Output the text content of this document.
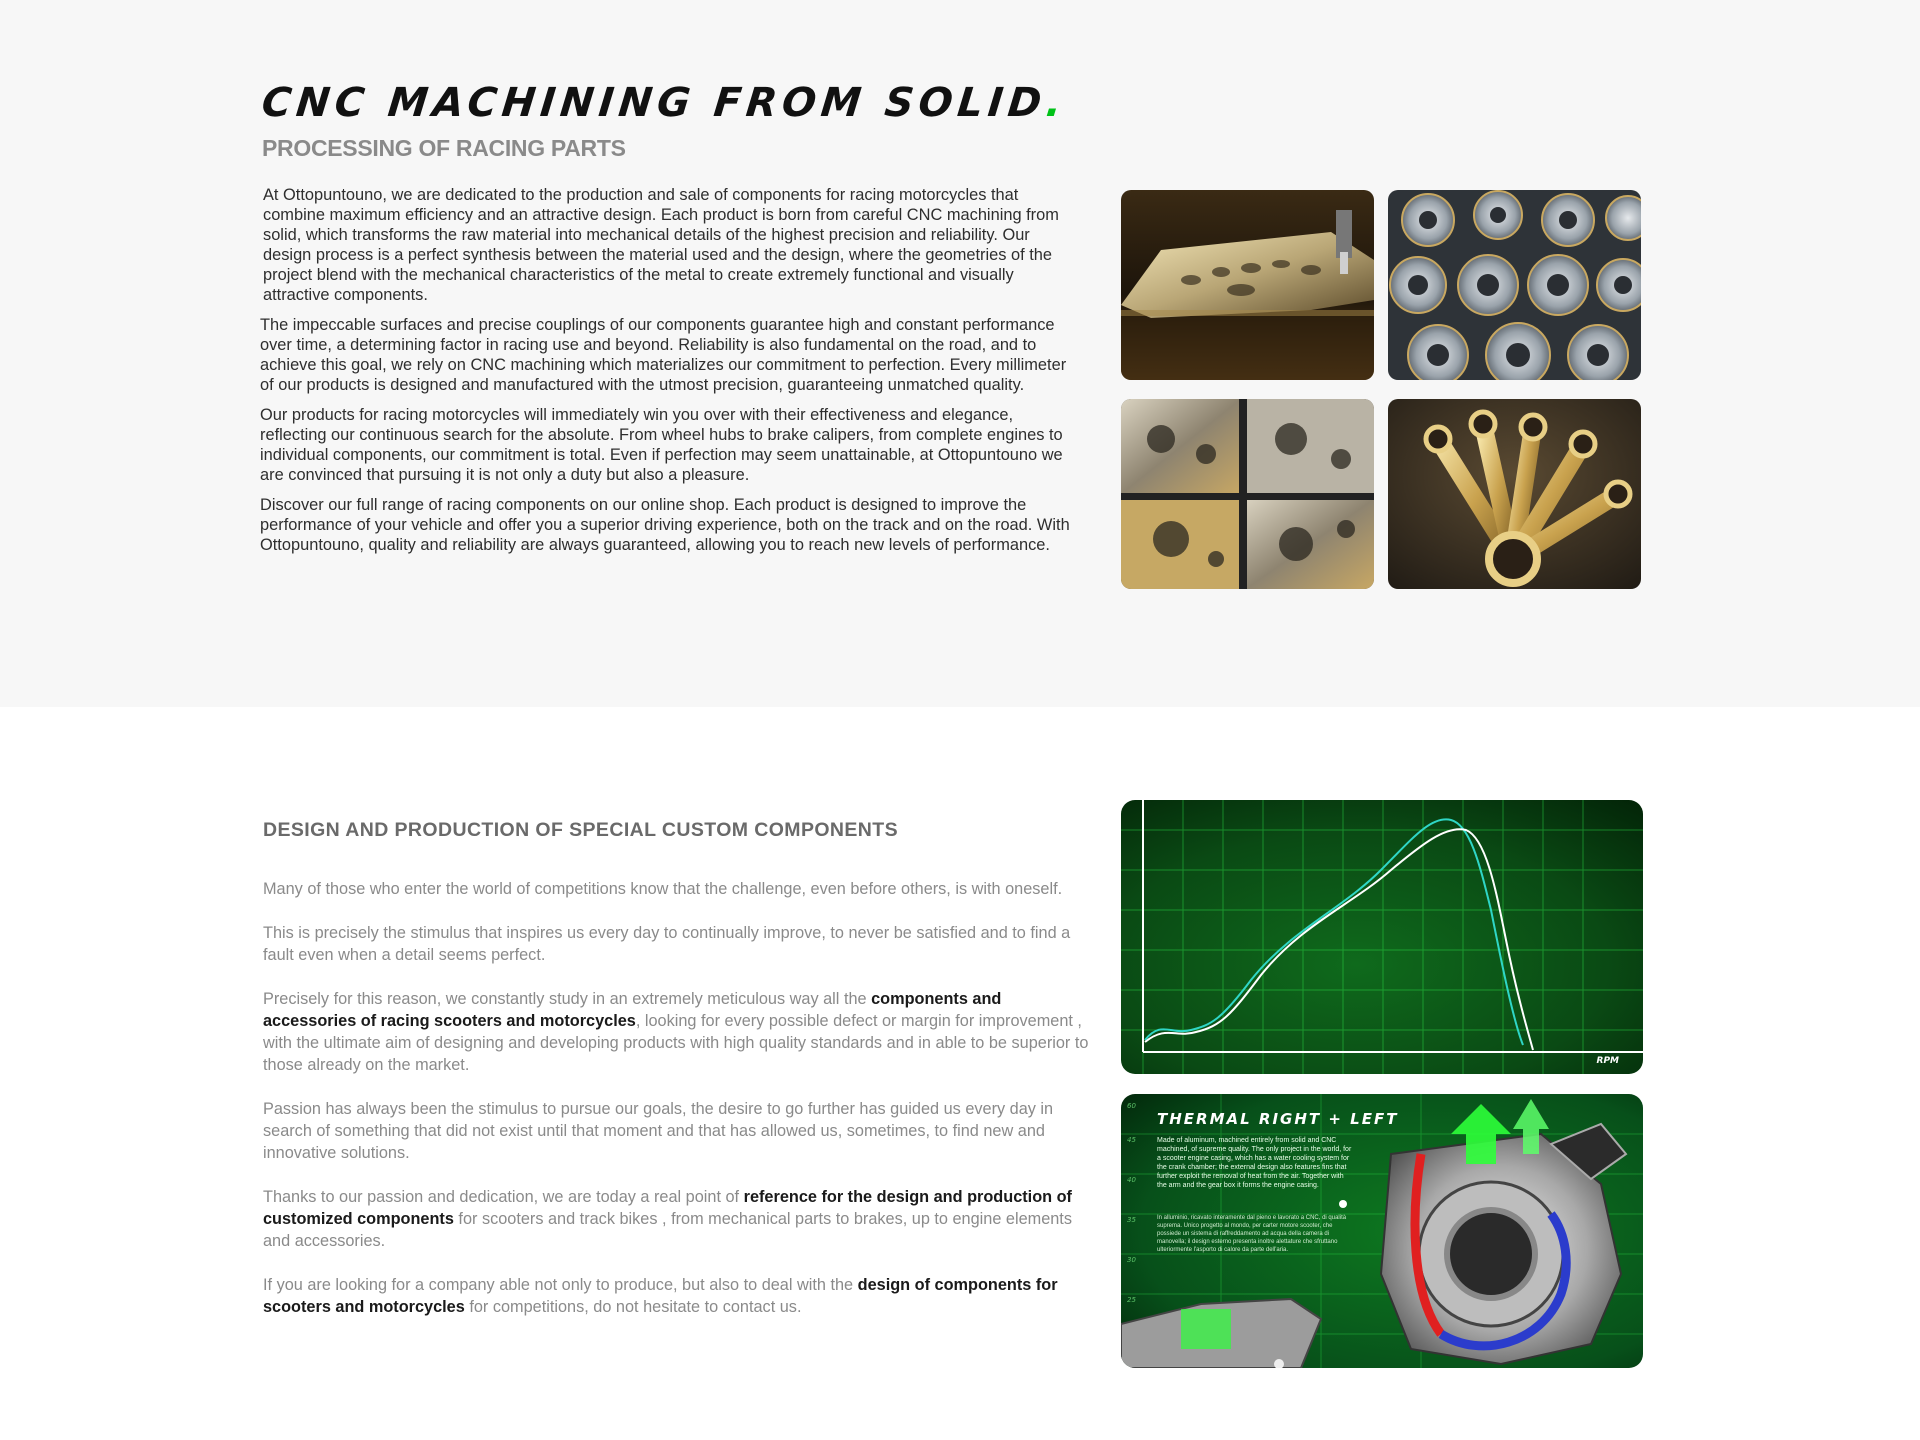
CNC MACHINING FROM SOLID.
PROCESSING OF RACING PARTS

At Ottopuntouno, we are dedicated to the production and sale of components for racing motorcycles that combine maximum efficiency and an attractive design. Each product is born from careful CNC machining from solid, which transforms the raw material into mechanical details of the highest precision and reliability. Our design process is a perfect synthesis between the material used and the design, where the geometries of the project blend with the mechanical characteristics of the metal to create extremely functional and visually attractive components.

The impeccable surfaces and precise couplings of our components guarantee high and constant performance over time, a determining factor in racing use and beyond. Reliability is also fundamental on the road, and to achieve this goal, we rely on CNC machining which materializes our commitment to perfection. Every millimeter of our products is designed and manufactured with the utmost precision, guaranteeing unmatched quality.

Our products for racing motorcycles will immediately win you over with their effectiveness and elegance, reflecting our continuous search for the absolute. From wheel hubs to brake calipers, from complete engines to individual components, our commitment is total. Even if perfection may seem unattainable, at Ottopuntouno we are convinced that pursuing it is not only a duty but also a pleasure.

Discover our full range of racing components on our online shop. Each product is designed to improve the performance of your vehicle and offer you a superior driving experience, both on the track and on the road. With Ottopuntouno, quality and reliability are always guaranteed, allowing you to reach new levels of performance.

DESIGN AND PRODUCTION OF SPECIAL CUSTOM COMPONENTS

Many of those who enter the world of competitions know that the challenge, even before others, is with oneself.

This is precisely the stimulus that inspires us every day to continually improve, to never be satisfied and to find a fault even when a detail seems perfect.

Precisely for this reason, we constantly study in an extremely meticulous way all the components and accessories of racing scooters and motorcycles, looking for every possible defect or margin for improvement , with the ultimate aim of designing and developing products with high quality standards and in able to be superior to those already on the market.

Passion has always been the stimulus to pursue our goals, the desire to go further has guided us every day in search of something that did not exist until that moment and that has allowed us, sometimes, to find new and innovative solutions.

Thanks to our passion and dedication, we are today a real point of reference for the design and production of customized components for scooters and track bikes , from mechanical parts to brakes, up to engine elements and accessories.

If you are looking for a company able not only to produce, but also to deal with the design of components for scooters and motorcycles for competitions, do not hesitate to contact us.

RPM
60
45
40
35
30
25
THERMAL RIGHT + LEFT
Made of aluminum, machined entirely from solid and CNC machined, of supreme quality. The only project in the world, for a scooter engine casing, which has a water cooling system for the crank chamber; the external design also features fins that further exploit the removal of heat from the air. Together with the arm and the gear box it forms the engine casing.
In alluminio, ricavato interamente dal pieno e lavorato a CNC, di qualità suprema. Unico progetto al mondo, per carter motore scooter, che possiede un sistema di raffreddamento ad acqua della camera di manovella; il design esterno presenta inoltre alettature che sfruttano ulteriormente l'asporto di calore da parte dell'aria.
